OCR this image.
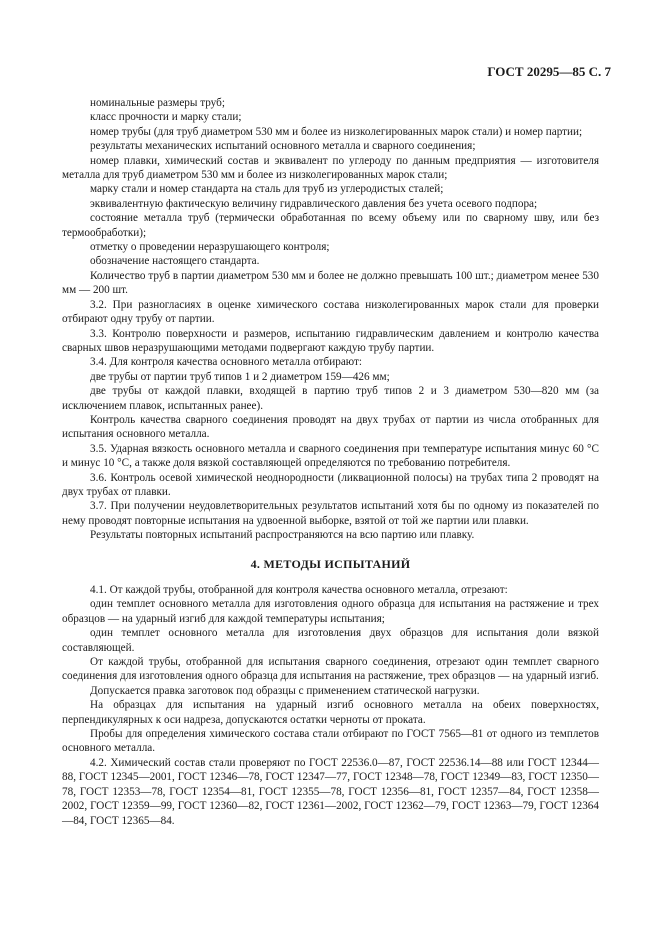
ГОСТ 20295—85 С. 7

номинальные размеры труб;

класс прочности и марку стали;

номер трубы (для труб диаметром 530 мм и более из низколегированных марок стали) и номер партии;

результаты механических испытаний основного металла и сварного соединения;

номер плавки, химический состав и эквивалент по углероду по данным предприятия — изготовителя металла для труб диаметром 530 мм и более из низколегированных марок стали;

марку стали и номер стандарта на сталь для труб из углеродистых сталей;

эквивалентную фактическую величину гидравлического давления без учета осевого подпора;

состояние металла труб (термически обработанная по всему объему или по сварному шву, или без термообработки);

отметку о проведении неразрушающего контроля;

обозначение настоящего стандарта.

Количество труб в партии диаметром 530 мм и более не должно превышать 100 шт.; диаметром менее 530 мм — 200 шт.

3.2. При разногласиях в оценке химического состава низколегированных марок стали для проверки отбирают одну трубу от партии.

3.3. Контролю поверхности и размеров, испытанию гидравлическим давлением и контролю качества сварных швов неразрушающими методами подвергают каждую трубу партии.

3.4. Для контроля качества основного металла отбирают:

две трубы от партии труб типов 1 и 2 диаметром 159—426 мм;

две трубы от каждой плавки, входящей в партию труб типов 2 и 3 диаметром 530—820 мм (за исключением плавок, испытанных ранее).

Контроль качества сварного соединения проводят на двух трубах от партии из числа отобранных для испытания основного металла.

3.5. Ударная вязкость основного металла и сварного соединения при температуре испытания минус 60 °С и минус 10 °С, а также доля вязкой составляющей определяются по требованию потребителя.

3.6. Контроль осевой химической неоднородности (ликвационной полосы) на трубах типа 2 проводят на двух трубах от плавки.

3.7. При получении неудовлетворительных результатов испытаний хотя бы по одному из показателей по нему проводят повторные испытания на удвоенной выборке, взятой от той же партии или плавки.

Результаты повторных испытаний распространяются на всю партию или плавку.

4. МЕТОДЫ ИСПЫТАНИЙ

4.1. От каждой трубы, отобранной для контроля качества основного металла, отрезают:

один темплет основного металла для изготовления одного образца для испытания на растяжение и трех образцов — на ударный изгиб для каждой температуры испытания;

один темплет основного металла для изготовления двух образцов для испытания доли вязкой составляющей.

От каждой трубы, отобранной для испытания сварного соединения, отрезают один темплет сварного соединения для изготовления одного образца для испытания на растяжение, трех образцов — на ударный изгиб.

Допускается правка заготовок под образцы с применением статической нагрузки.

На образцах для испытания на ударный изгиб основного металла на обеих поверхностях, перпендикулярных к оси надреза, допускаются остатки черноты от проката.

Пробы для определения химического состава стали отбирают по ГОСТ 7565—81 от одного из темплетов основного металла.

4.2. Химический состав стали проверяют по ГОСТ 22536.0—87, ГОСТ 22536.14—88 или ГОСТ 12344—88, ГОСТ 12345—2001, ГОСТ 12346—78, ГОСТ 12347—77, ГОСТ 12348—78, ГОСТ 12349—83, ГОСТ 12350—78, ГОСТ 12353—78, ГОСТ 12354—81, ГОСТ 12355—78, ГОСТ 12356—81, ГОСТ 12357—84, ГОСТ 12358—2002, ГОСТ 12359—99, ГОСТ 12360—82, ГОСТ 12361—2002, ГОСТ 12362—79, ГОСТ 12363—79, ГОСТ 12364—84, ГОСТ 12365—84.
